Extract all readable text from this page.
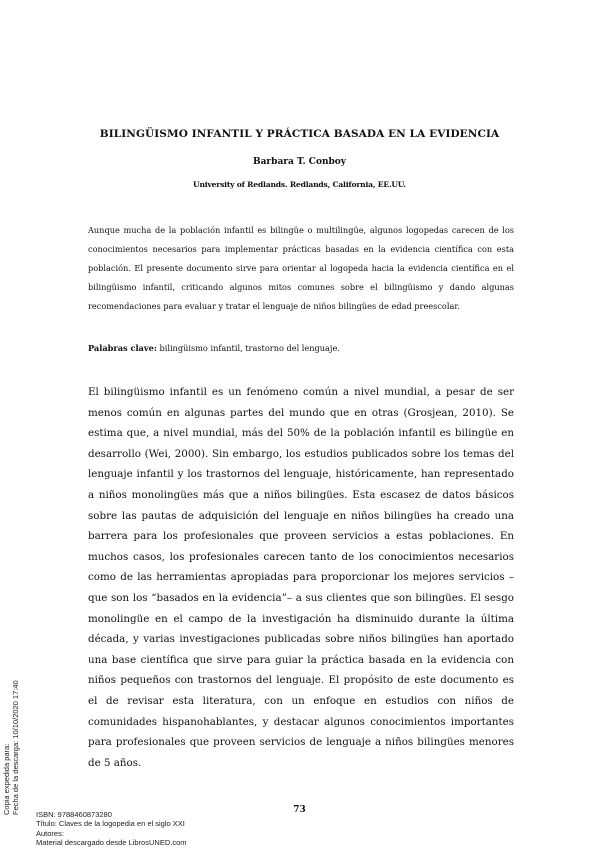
BILINGÜISMO INFANTIL Y PRÁCTICA BASADA EN LA EVIDENCIA
Barbara T. Conboy
University of Redlands. Redlands, California, EE.UU.

Aunque mucha de la población infantil es bilingüe o multilingüe, algunos logopedas carecen de los conocimientos necesarios para implementar prácticas basadas en la evidencia científica con esta población. El presente documento sirve para orientar al logopeda hacia la evidencia científica en el bilingüismo infantil, criticando algunos mitos comunes sobre el bilingüismo y dando algunas recomendaciones para evaluar y tratar el lenguaje de niños bilingües de edad preescolar.

Palabras clave: bilingüismo infantil, trastorno del lenguaje.

El bilingüismo infantil es un fenómeno común a nivel mundial, a pesar de ser menos común en algunas partes del mundo que en otras (Grosjean, 2010). Se estima que, a nivel mundial, más del 50% de la población infantil es bilingüe en desarrollo (Wei, 2000). Sin embargo, los estudios publicados sobre los temas del lenguaje infantil y los trastornos del lenguaje, históricamente, han representado a niños monolingües más que a niños bilingües. Esta escasez de datos básicos sobre las pautas de adquisición del lenguaje en niños bilingües ha creado una barrera para los profesionales que proveen servicios a estas poblaciones. En muchos casos, los profesionales carecen tanto de los conocimientos necesarios como de las herramientas apropiadas para proporcionar los mejores servicios –que son los “basados en la evidencia”– a sus clientes que son bilingües. El sesgo monolingüe en el campo de la investigación ha disminuido durante la última década, y varias investigaciones publicadas sobre niños bilingües han aportado una base científica que sirve para guiar la práctica basada en la evidencia con niños pequeños con trastornos del lenguaje. El propósito de este documento es el de revisar esta literatura, con un enfoque en estudios con niños de comunidades hispanohablantes, y destacar algunos conocimientos importantes para profesionales que proveen servicios de lenguaje a niños bilingües menores de 5 años.

Copia expedida para: Fecha de la descarga: 10/10/2020 17:40	73
ISBN: 9788460873280
Título: Claves de la logopedia en el siglo XXI
Autores:
Material descargado desde LibrosUNED.com
